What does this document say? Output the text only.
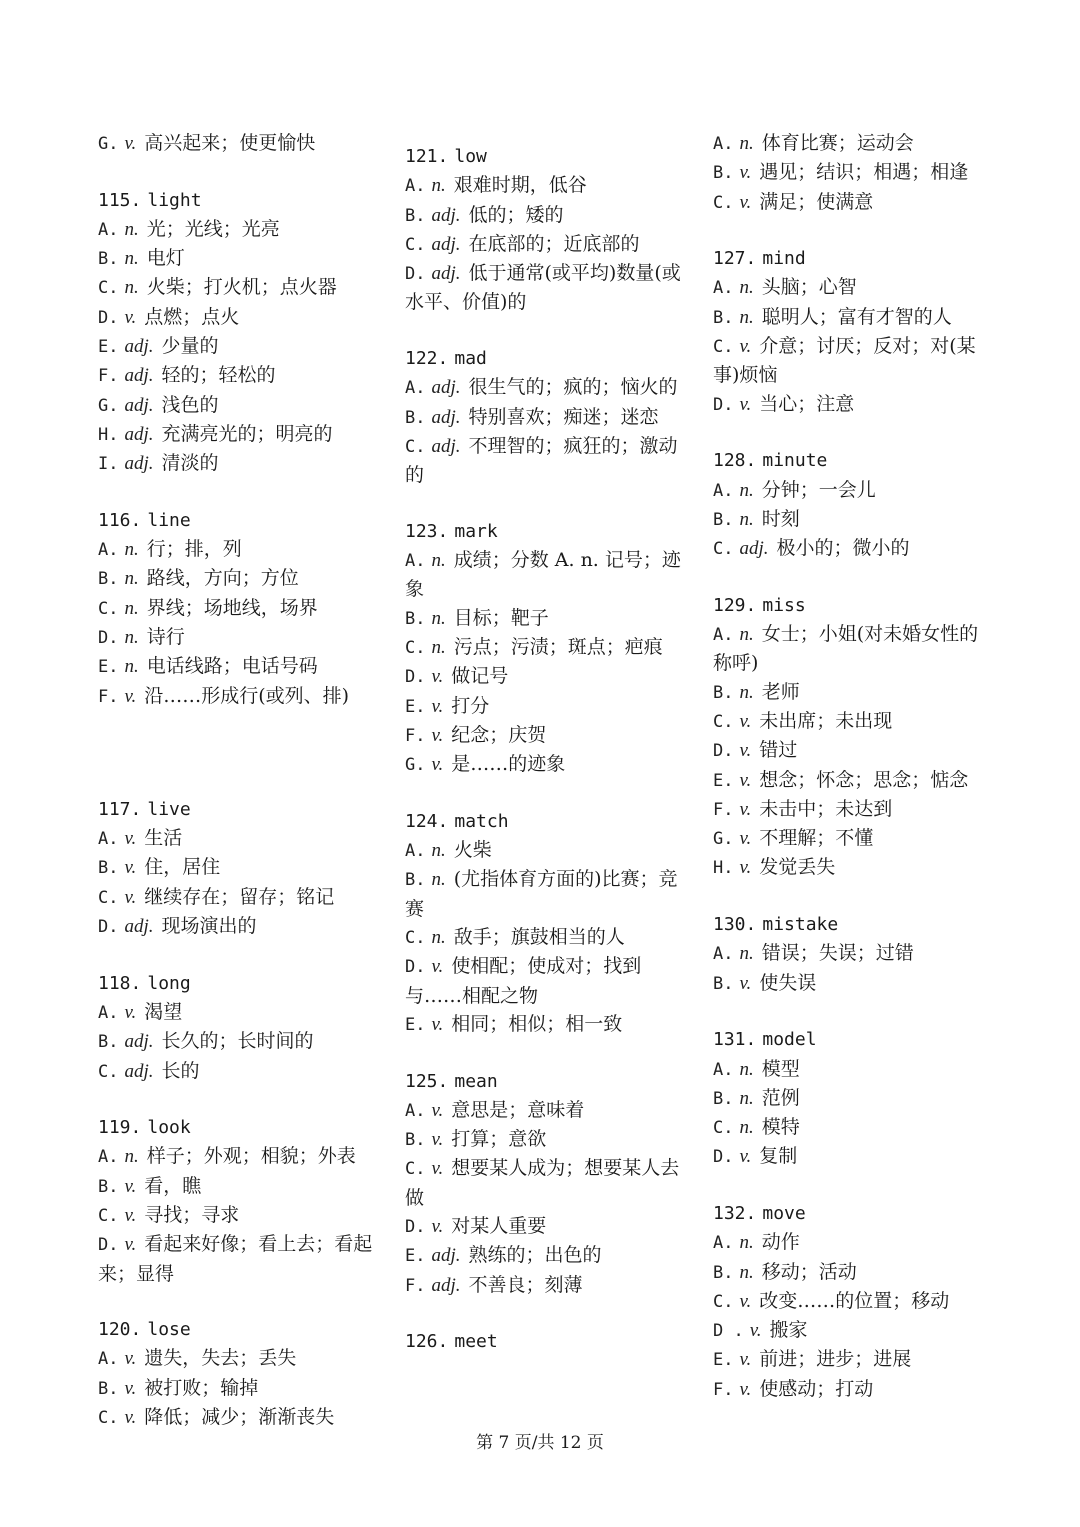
G. v. 高兴起来；使更愉快
115. light
A. n. 光；光线；光亮
B. n. 电灯
C. n. 火柴；打火机；点火器
D. v. 点燃；点火
E. adj. 少量的
F. adj. 轻的；轻松的
G. adj. 浅色的
H. adj. 充满亮光的；明亮的
I. adj. 清淡的
116. line
A. n. 行；排，列
B. n. 路线，方向；方位
C. n. 界线；场地线，场界
D. n. 诗行
E. n. 电话线路；电话号码
F. v. 沿……形成行(或列、排)
117. live
A. v. 生活
B. v. 住，居住
C. v. 继续存在；留存；铭记
D. adj. 现场演出的
118. long
A. v. 渴望
B. adj. 长久的；长时间的
C. adj. 长的
119. look
A. n. 样子；外观；相貌；外表
B. v. 看，瞧
C. v. 寻找；寻求
D. v. 看起来好像；看上去；看起来；显得
120. lose
A. v. 遗失，失去；丢失
B. v. 被打败；输掉
C. v. 降低；减少；渐渐丧失
121. low
A. n. 艰难时期，低谷
B. adj. 低的；矮的
C. adj. 在底部的；近底部的
D. adj. 低于通常(或平均)数量(或水平、价值)的
122. mad
A. adj. 很生气的；疯的；恼火的
B. adj. 特别喜欢；痴迷；迷恋
C. adj. 不理智的；疯狂的；激动的
123. mark
A. n. 成绩；分数 A. n. 记号；迹象
B. n. 目标；靶子
C. n. 污点；污渍；斑点；疤痕
D. v. 做记号
E. v. 打分
F. v. 纪念；庆贺
G. v. 是……的迹象
124. match
A. n. 火柴
B. n. (尤指体育方面的)比赛；竞赛
C. n. 敌手；旗鼓相当的人
D. v. 使相配；使成对；找到与……相配之物
E. v. 相同；相似；相一致
125. mean
A. v. 意思是；意味着
B. v. 打算；意欲
C. v. 想要某人成为；想要某人去做
D. v. 对某人重要
E. adj. 熟练的；出色的
F. adj. 不善良；刻薄
126. meet
A. n. 体育比赛；运动会
B. v. 遇见；结识；相遇；相逢
C. v. 满足；使满意
127. mind
A. n. 头脑；心智
B. n. 聪明人；富有才智的人
C. v. 介意；讨厌；反对；对(某事)烦恼
D. v. 当心；注意
128. minute
A. n. 分钟；一会儿
B. n. 时刻
C. adj. 极小的；微小的
129. miss
A. n. 女士；小姐(对未婚女性的称呼)
B. n. 老师
C. v. 未出席；未出现
D. v. 错过
E. v. 想念；怀念；思念；惦念
F. v. 未击中；未达到
G. v. 不理解；不懂
H. v. 发觉丢失
130. mistake
A. n. 错误；失误；过错
B. v. 使失误
131. model
A. n. 模型
B. n. 范例
C. n. 模特
D. v. 复制
132. move
A. n. 动作
B. n. 移动；活动
C. v. 改变……的位置；移动
D . v. 搬家
E. v. 前进；进步；进展
F. v. 使感动；打动
第 7 页/共 12 页
